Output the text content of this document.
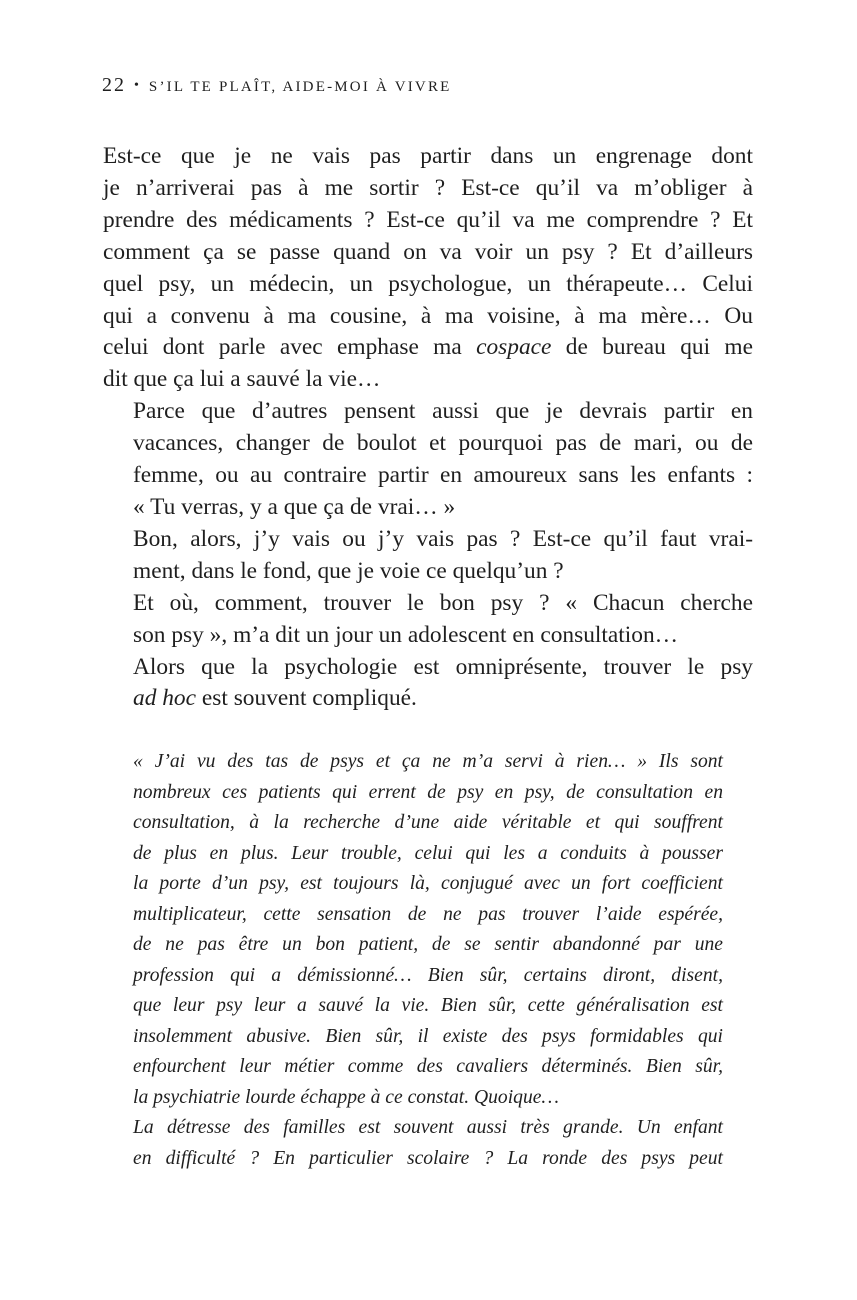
22 • S’IL TE PLAÎT, AIDE-MOI À VIVRE

Est-ce que je ne vais pas partir dans un engrenage dont
je n’arriverai pas à me sortir ? Est-ce qu’il va m’obliger à
prendre des médicaments ? Est-ce qu’il va me comprendre ? Et
comment ça se passe quand on va voir un psy ? Et d’ailleurs
quel psy, un médecin, un psychologue, un thérapeute… Celui
qui a convenu à ma cousine, à ma voisine, à ma mère… Ou
celui dont parle avec emphase ma cospace de bureau qui me
dit que ça lui a sauvé la vie…

Parce que d’autres pensent aussi que je devrais partir en
vacances, changer de boulot et pourquoi pas de mari, ou de
femme, ou au contraire partir en amoureux sans les enfants :
« Tu verras, y a que ça de vrai… »

Bon, alors, j’y vais ou j’y vais pas ? Est-ce qu’il faut vrai-
ment, dans le fond, que je voie ce quelqu’un ?

Et où, comment, trouver le bon psy ? « Chacun cherche
son psy », m’a dit un jour un adolescent en consultation…

Alors que la psychologie est omniprésente, trouver le psy
ad hoc est souvent compliqué.

« J’ai vu des tas de psys et ça ne m’a servi à rien… » Ils sont
nombreux ces patients qui errent de psy en psy, de consultation en
consultation, à la recherche d’une aide véritable et qui souffrent
de plus en plus. Leur trouble, celui qui les a conduits à pousser
la porte d’un psy, est toujours là, conjugué avec un fort coefficient
multiplicateur, cette sensation de ne pas trouver l’aide espérée,
de ne pas être un bon patient, de se sentir abandonné par une
profession qui a démissionné… Bien sûr, certains diront, disent,
que leur psy leur a sauvé la vie. Bien sûr, cette généralisation est
insolemment abusive. Bien sûr, il existe des psys formidables qui
enfourchent leur métier comme des cavaliers déterminés. Bien sûr,
la psychiatrie lourde échappe à ce constat. Quoique…

La détresse des familles est souvent aussi très grande. Un enfant
en difficulté ? En particulier scolaire ? La ronde des psys peut
